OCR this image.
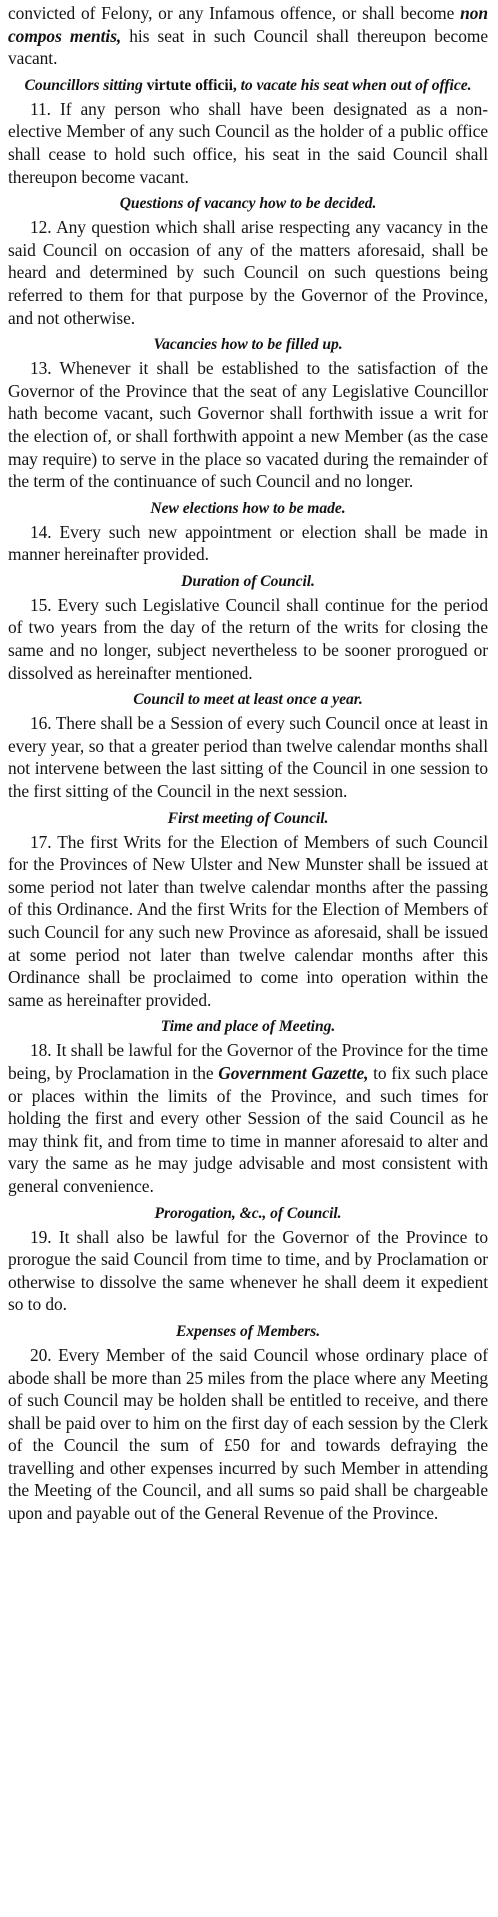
convicted of Felony, or any Infamous offence, or shall become non compos mentis, his seat in such Council shall thereupon become vacant.

Councillors sitting virtute officii, to vacate his seat when out of office.

11. If any person who shall have been designated as a non-elective Member of any such Council as the holder of a public office shall cease to hold such office, his seat in the said Council shall thereupon become vacant.

Questions of vacancy how to be decided.

12. Any question which shall arise respecting any vacancy in the said Council on occasion of any of the matters aforesaid, shall be heard and determined by such Council on such questions being referred to them for that purpose by the Governor of the Province, and not otherwise.

Vacancies how to be filled up.

13. Whenever it shall be established to the satisfaction of the Governor of the Province that the seat of any Legislative Councillor hath become vacant, such Governor shall forthwith issue a writ for the election of, or shall forthwith appoint a new Member (as the case may require) to serve in the place so vacated during the remainder of the term of the continuance of such Council and no longer.

New elections how to be made.

14. Every such new appointment or election shall be made in manner hereinafter provided.

Duration of Council.

15. Every such Legislative Council shall continue for the period of two years from the day of the return of the writs for closing the same and no longer, subject nevertheless to be sooner prorogued or dissolved as hereinafter mentioned.

Council to meet at least once a year.

16. There shall be a Session of every such Council once at least in every year, so that a greater period than twelve calendar months shall not intervene between the last sitting of the Council in one session to the first sitting of the Council in the next session.

First meeting of Council.

17. The first Writs for the Election of Members of such Council for the Provinces of New Ulster and New Munster shall be issued at some period not later than twelve calendar months after the passing of this Ordinance. And the first Writs for the Election of Members of such Council for any such new Province as aforesaid, shall be issued at some period not later than twelve calendar months after this Ordinance shall be proclaimed to come into operation within the same as hereinafter provided.

Time and place of Meeting.

18. It shall be lawful for the Governor of the Province for the time being, by Proclamation in the Government Gazette, to fix such place or places within the limits of the Province, and such times for holding the first and every other Session of the said Council as he may think fit, and from time to time in manner aforesaid to alter and vary the same as he may judge advisable and most consistent with general convenience.

Prorogation, &c., of Council.

19. It shall also be lawful for the Governor of the Province to prorogue the said Council from time to time, and by Proclamation or otherwise to dissolve the same whenever he shall deem it expedient so to do.

Expenses of Members.

20. Every Member of the said Council whose ordinary place of abode shall be more than 25 miles from the place where any Meeting of such Council may be holden shall be entitled to receive, and there shall be paid over to him on the first day of each session by the Clerk of the Council the sum of £50 for and towards defraying the travelling and other expenses incurred by such Member in attending the Meeting of the Council, and all sums so paid shall be chargeable upon and payable out of the General Revenue of the Province.
